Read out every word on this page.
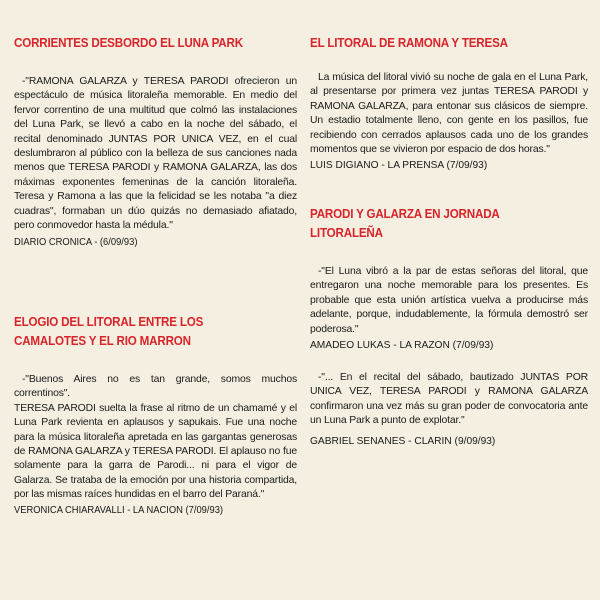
CORRIENTES DESBORDO EL LUNA PARK

-"RAMONA GALARZA y TERESA PARODI ofrecieron un espectáculo de música litoraleña memorable. En medio del fervor correntino de una multitud que colmó las instalaciones del Luna Park, se llevó a cabo en la noche del sábado, el recital denominado JUNTAS POR UNICA VEZ, en el cual deslumbraron al público con la belleza de sus canciones nada menos que TERESA PARODI y RAMONA GALARZA, las dos máximas exponentes femeninas de la canción litoraleña. Teresa y Ramona a las que la felicidad se les notaba "a diez cuadras", formaban un dúo quizás no demasiado afiatado, pero conmovedor hasta la médula."

DIARIO CRONICA - (6/09/93)

ELOGIO DEL LITORAL ENTRE LOS CAMALOTES Y EL RIO MARRON

-"Buenos Aires no es tan grande, somos muchos correntinos".

TERESA PARODI suelta la frase al ritmo de un chamamé y el Luna Park revienta en aplausos y sapukais. Fue una noche para la música litoraleña apretada en las gargantas generosas de RAMONA GALARZA y TERESA PARODI. El aplauso no fue solamente para la garra de Parodi... ni para el vigor de Galarza. Se trataba de la emoción por una historia compartida, por las mismas raíces hundidas en el barro del Paraná."

VERONICA CHIARAVALLI - LA NACION (7/09/93)

EL LITORAL DE RAMONA Y TERESA

La música del litoral vivió su noche de gala en el Luna Park, al presentarse por primera vez juntas TERESA PARODI y RAMONA GALARZA, para entonar sus clásicos de siempre. Un estadio totalmente lleno, con gente en los pasillos, fue recibiendo con cerrados aplausos cada uno de los grandes momentos que se vivieron por espacio de dos horas."

LUIS DIGIANO - LA PRENSA (7/09/93)

PARODI Y GALARZA EN JORNADA LITORALEÑA

-"El Luna vibró a la par de estas señoras del litoral, que entregaron una noche memorable para los presentes. Es probable que esta unión artística vuelva a producirse más adelante, porque, indudablemente, la fórmula demostró ser poderosa."

AMADEO LUKAS - LA RAZON (7/09/93)

-"... En el recital del sábado, bautizado JUNTAS POR UNICA VEZ, TERESA PARODI y RAMONA GALARZA confirmaron una vez más su gran poder de convocatoria ante un Luna Park a punto de explotar."

GABRIEL SENANES - CLARIN (9/09/93)
